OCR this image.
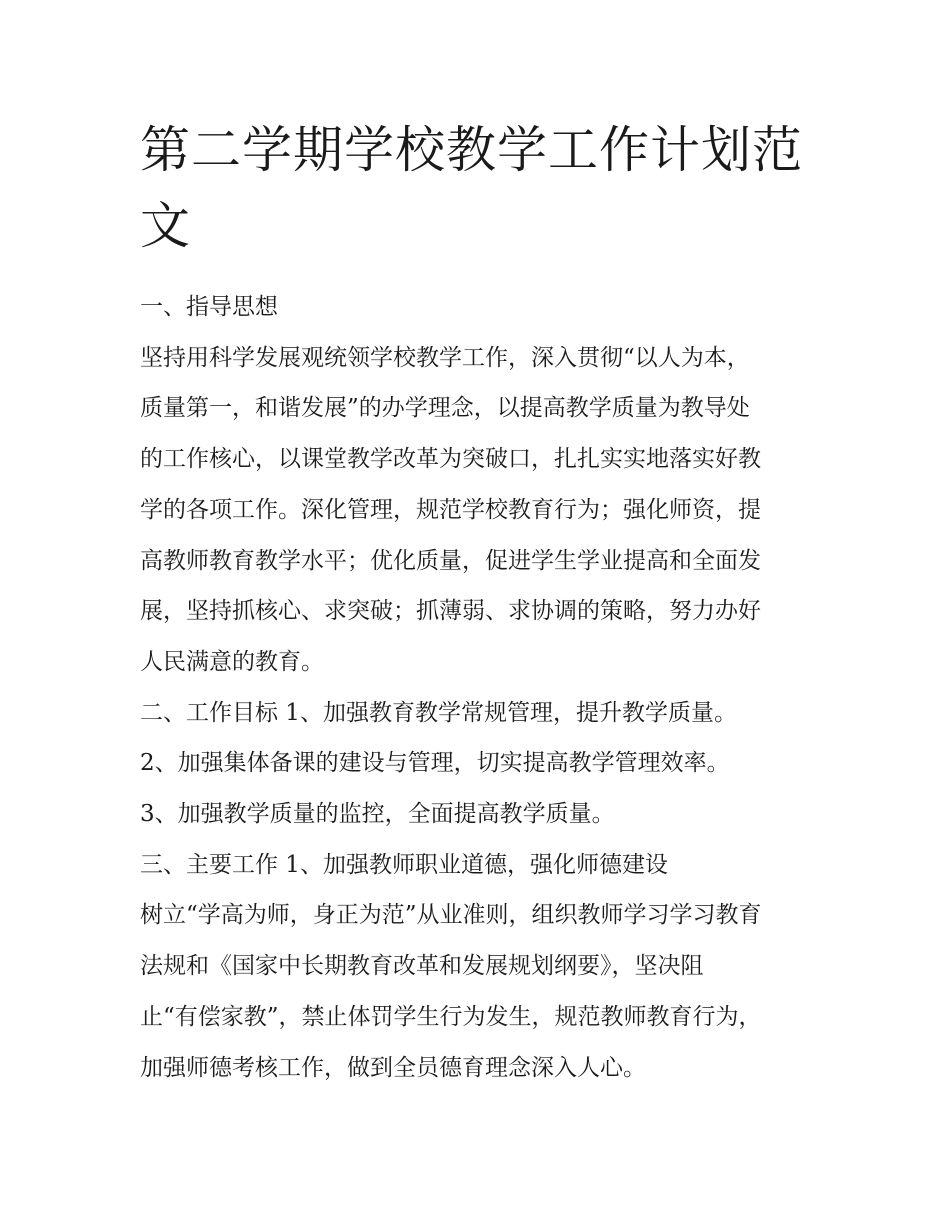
第二学期学校教学工作计划范
文
一、指导思想
坚持用科学发展观统领学校教学工作，深入贯彻“以人为本，
质量第一，和谐发展”的办学理念，以提高教学质量为教导处
的工作核心，以课堂教学改革为突破口，扎扎实实地落实好教
学的各项工作。深化管理，规范学校教育行为；强化师资，提
高教师教育教学水平；优化质量，促进学生学业提高和全面发
展，坚持抓核心、求突破；抓薄弱、求协调的策略，努力办好
人民满意的教育。
二、工作目标 1、加强教育教学常规管理，提升教学质量。
2、加强集体备课的建设与管理，切实提高教学管理效率。
3、加强教学质量的监控，全面提高教学质量。
三、主要工作 1、加强教师职业道德，强化师德建设
树立“学高为师，身正为范”从业准则，组织教师学习学习教育
法规和《国家中长期教育改革和发展规划纲要》，坚决阻
止“有偿家教”，禁止体罚学生行为发生，规范教师教育行为，
加强师德考核工作，做到全员德育理念深入人心。
